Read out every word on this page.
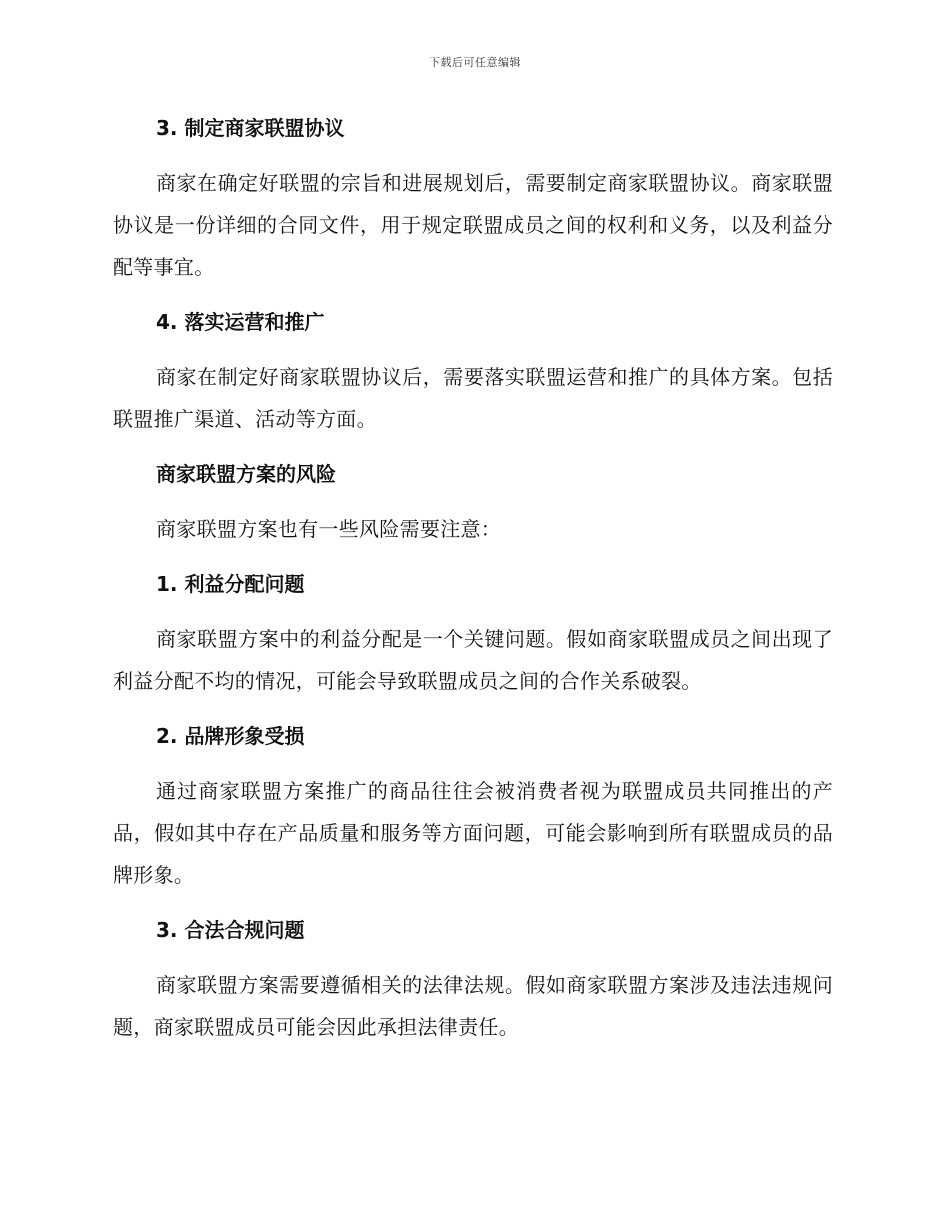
下载后可任意编辑
3. 制定商家联盟协议

商家在确定好联盟的宗旨和进展规划后，需要制定商家联盟协议。商家联盟协议是一份详细的合同文件，用于规定联盟成员之间的权利和义务，以及利益分配等事宜。

4. 落实运营和推广

商家在制定好商家联盟协议后，需要落实联盟运营和推广的具体方案。包括联盟推广渠道、活动等方面。

商家联盟方案的风险

商家联盟方案也有一些风险需要注意：

1. 利益分配问题

商家联盟方案中的利益分配是一个关键问题。假如商家联盟成员之间出现了利益分配不均的情况，可能会导致联盟成员之间的合作关系破裂。

2. 品牌形象受损

通过商家联盟方案推广的商品往往会被消费者视为联盟成员共同推出的产品，假如其中存在产品质量和服务等方面问题，可能会影响到所有联盟成员的品牌形象。

3. 合法合规问题

商家联盟方案需要遵循相关的法律法规。假如商家联盟方案涉及违法违规问题，商家联盟成员可能会因此承担法律责任。
